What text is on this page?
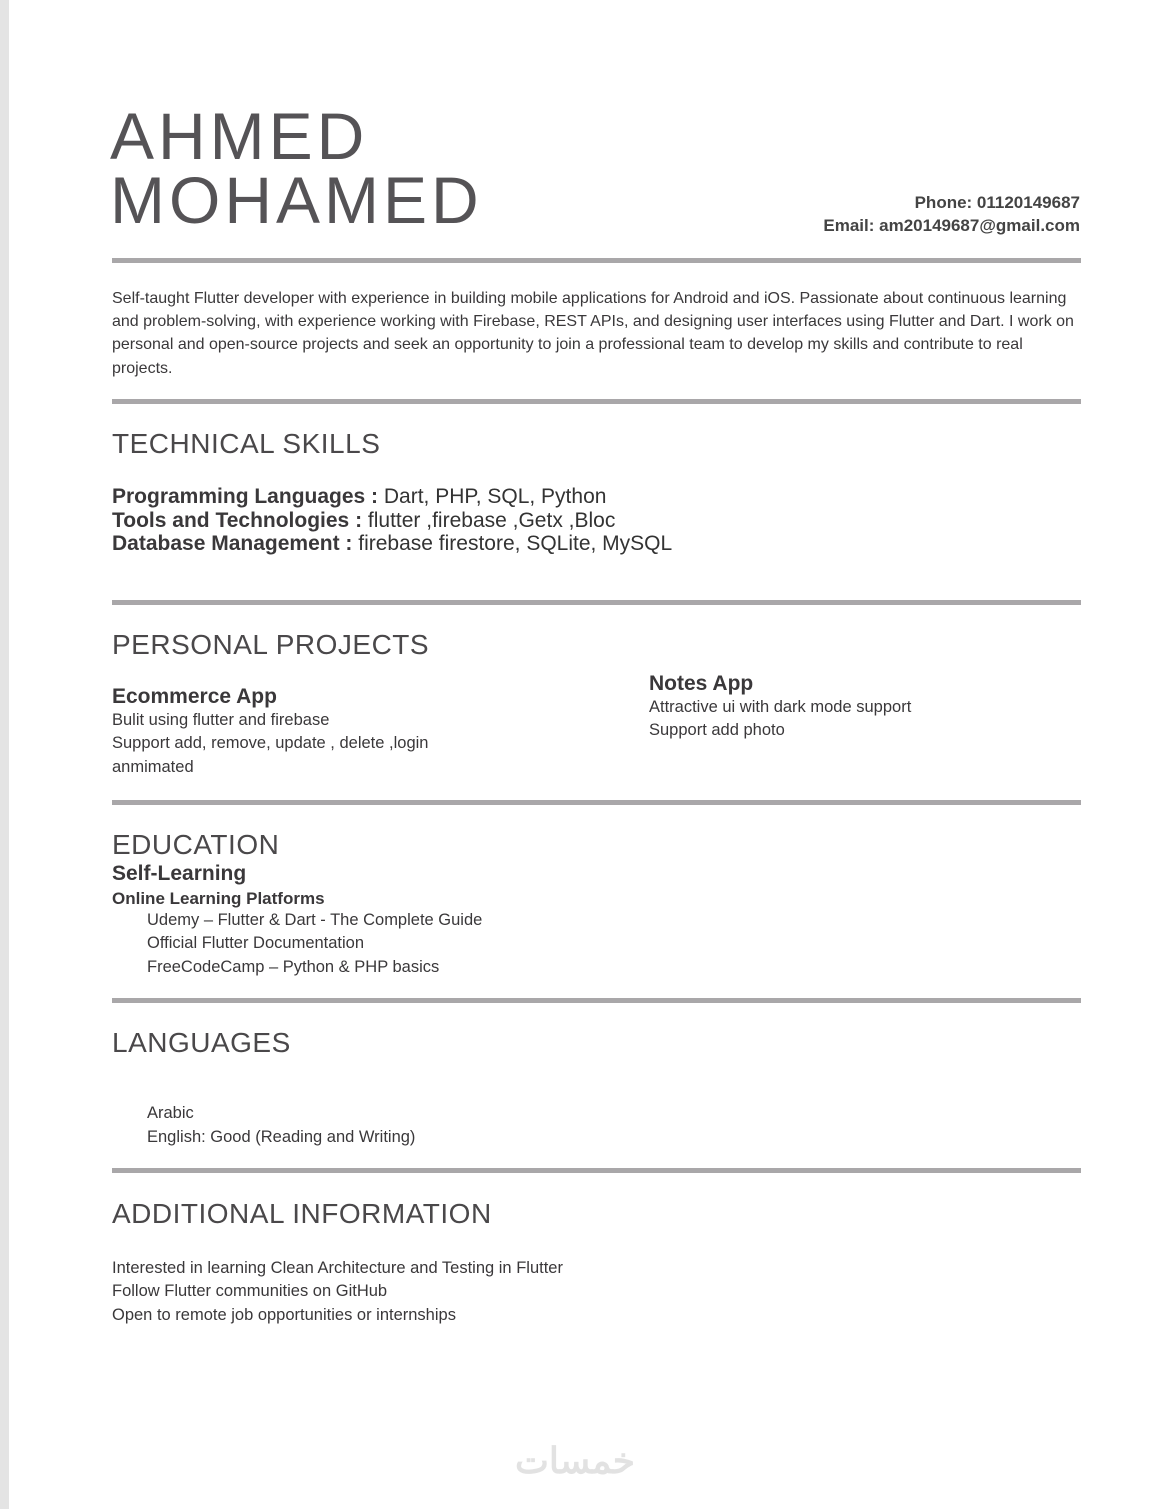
AHMED
MOHAMED	Phone: 01120149687
Email: am20149687@gmail.com
Self-taught Flutter developer with experience in building mobile applications for Android and iOS. Passionate about continuous learning and problem-solving, with experience working with Firebase, REST APIs, and designing user interfaces using Flutter and Dart. I work on personal and open-source projects and seek an opportunity to join a professional team to develop my skills and contribute to real projects.
TECHNICAL SKILLS
Programming Languages : Dart, PHP, SQL, Python
Tools and Technologies : flutter ,firebase ,Getx ,Bloc
Database Management : firebase firestore, SQLite, MySQL
PERSONAL PROJECTS
Ecommerce App
Bulit using flutter and firebase
Support add, remove, update , delete ,login
anmimated
Notes App
Attractive ui with dark mode support
Support add photo
EDUCATION
Self-Learning
Online Learning Platforms
Udemy – Flutter & Dart - The Complete Guide
Official Flutter Documentation
FreeCodeCamp – Python & PHP basics
LANGUAGES
Arabic
English: Good (Reading and Writing)
ADDITIONAL INFORMATION
Interested in learning Clean Architecture and Testing in Flutter
Follow Flutter communities on GitHub
Open to remote job opportunities or internships
خمسات
